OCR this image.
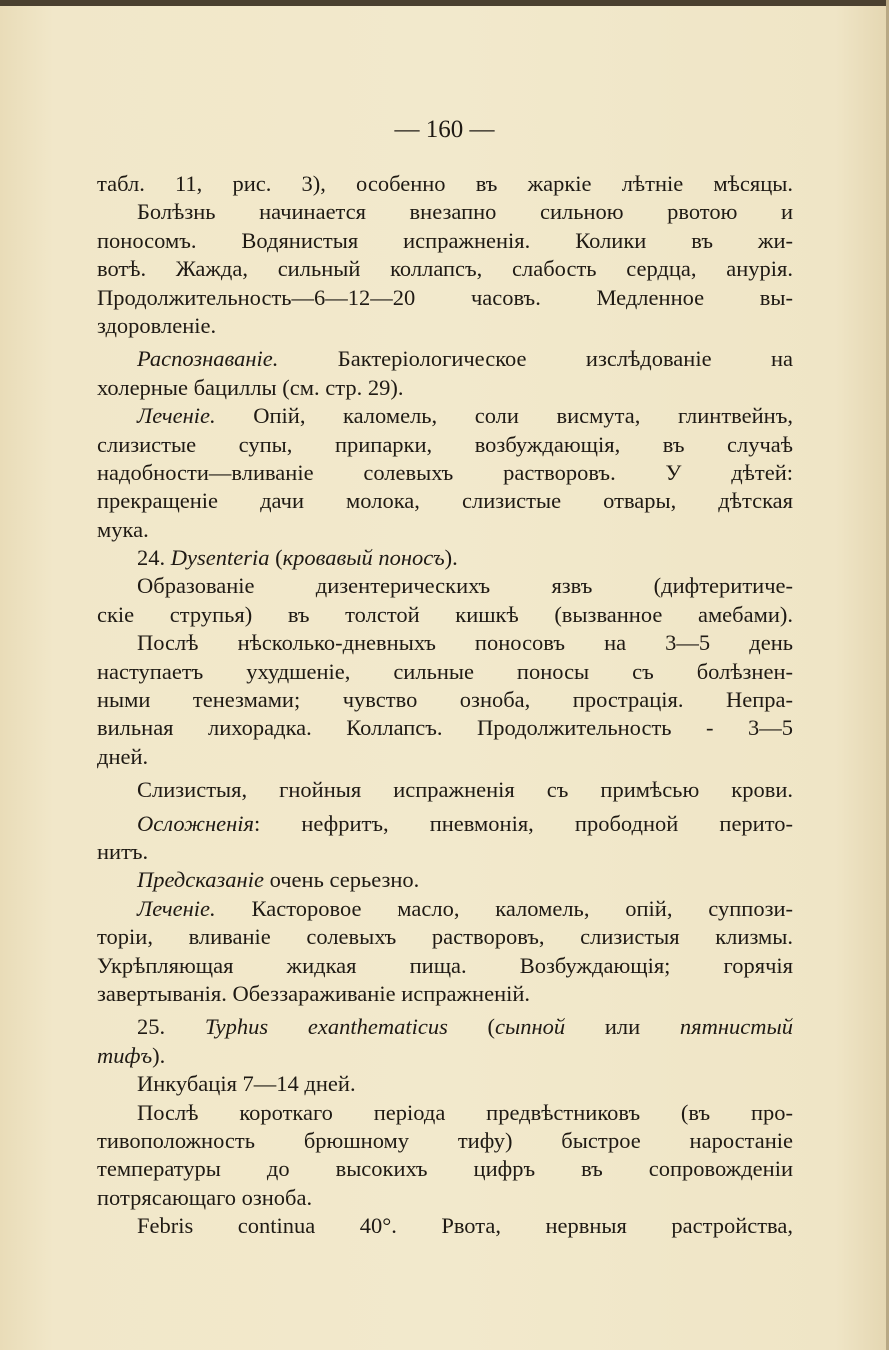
— 160 —
табл. 11, рис. 3), особенно въ жаркіе лѣтніе мѣсяцы.
Болѣзнь начинается внезапно сильною рвотою и
поносомъ. Водянистыя испражненія. Колики въ жи-
вотѣ. Жажда, сильный коллапсъ, слабость сердца, анурія.
Продолжительность—6—12—20 часовъ. Медленное вы-
здоровленіе.
Распознаваніе. Бактеріологическое изслѣдованіе на
холерные бациллы (см. стр. 29).
Леченіе. Опій, каломель, соли висмута, глинтвейнъ,
слизистые супы, припарки, возбуждающія, въ случаѣ
надобности—вливаніе солевыхъ растворовъ. У дѣтей:
прекращеніе дачи молока, слизистые отвары, дѣтская
мука.
24. Dysenteria (кровавый поносъ).
Образованіе дизентерическихъ язвъ (дифтеритиче-
скіе струпья) въ толстой кишкѣ (вызванное амебами).
Послѣ нѣсколько-дневныхъ поносовъ на 3—5 день
наступаетъ ухудшеніе, сильные поносы съ болѣзнен-
ными тенезмами; чувство озноба, прострація. Непра-
вильная лихорадка. Коллапсъ. Продолжительность - 3—5
дней.
Слизистыя, гнойныя испражненія съ примѣсью крови.
Осложненія: нефритъ, пневмонія, прободной перито-
нитъ.
Предсказаніе очень серьезно.
Леченіе. Касторовое масло, каломель, опій, суппози-
торіи, вливаніе солевыхъ растворовъ, слизистыя клизмы.
Укрѣпляющая жидкая пища. Возбуждающія; горячія
завертыванія. Обеззараживаніе испражненій.
25. Typhus exanthematicus (сыпной или пятнистый
тифъ).
Инкубація 7—14 дней.
Послѣ короткаго періода предвѣстниковъ (въ про-
тивоположность брюшному тифу) быстрое наростаніе
температуры до высокихъ цифръ въ сопровожденіи
потрясающаго озноба.
Febris continua 40°. Рвота, нервныя растройства,
